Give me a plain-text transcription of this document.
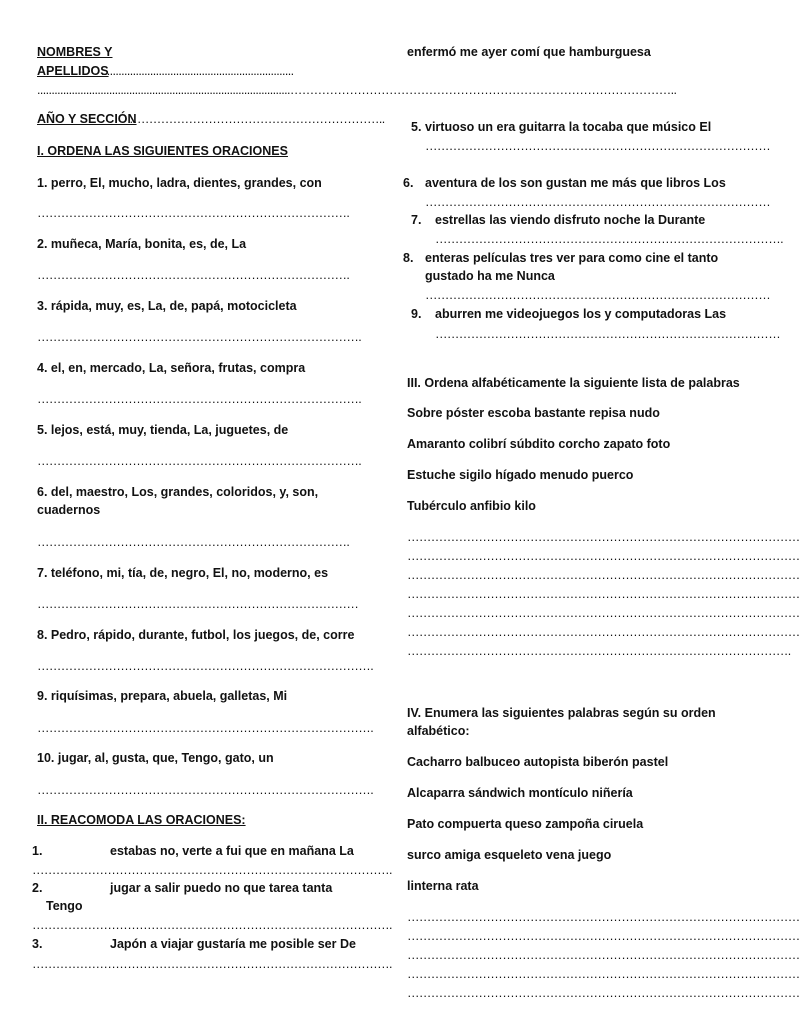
NOMBRES Y
APELLIDOS
...................................................................
........................................................................................……………………………………………………………………………………..
AÑO Y SECCIÓN
………………………………………………………..
I. ORDENA LAS SIGUIENTES ORACIONES
1. perro, El, mucho, ladra, dientes, grandes, con
…………………………………………………………………….
2. muñeca, María, bonita, es, de, La
…………………………………………………………………….
3. rápida, muy, es, La, de, papá, motocicleta
……………………………………………………………………….
4. el, en, mercado, La, señora, frutas, compra
……………………………………………………………………….
5. lejos, está, muy, tienda, La, juguetes, de
……………………………………………………………………….
6. del, maestro, Los, grandes, coloridos, y, son,
cuadernos
…………………………………………………………………….
7. teléfono, mi, tía, de, negro, El, no, moderno, es
………………………………………………………………………
8. Pedro, rápido, durante, futbol, los juegos, de, corre
………………………………………………………………………….
9. riquísimas, prepara, abuela, galletas, Mi
………………………………………………………………………….
10. jugar, al, gusta, que, Tengo, gato, un
………………………………………………………………………….
II. REACOMODA LAS ORACIONES:
1.	estabas no, verte a fui que en mañana La
……………………………………………………………………………….
2.	jugar a salir puedo no que tarea tanta
Tengo
……………………………………………………………………………….
3.	Japón a viajar gustaría me posible ser De
……………………………………………………………………………….
enfermó me ayer comí que hamburguesa
5. virtuoso un era guitarra la tocaba que músico El
……………………………………………………………………………
6. aventura de los son gustan me más que libros Los
……………………………………………………………………………
7. estrellas las viendo disfruto noche la Durante
…………………………………………………………………………….
8. enteras películas tres ver para como cine el tanto
gustado ha me Nunca
……………………………………………………………………………
9. aburren me videojuegos los y computadoras Las
……………………………………………………………………………
III. Ordena alfabéticamente la siguiente lista de palabras
Sobre póster escoba bastante repisa nudo
Amaranto colibrí súbdito corcho zapato foto
Estuche sigilo hígado menudo puerco
Tubérculo anfibio kilo
………………………………………………………………………………………
………………………………………………………………………………………
………………………………………………………………………………………
………………………………………………………………………………………
………………………………………………………………………………………
………………………………………………………………………………………
…………………………………………………………………………………….
IV. Enumera las siguientes palabras según su orden
alfabético:
Cacharro balbuceo autopista biberón pastel
Alcaparra sándwich montículo niñería
Pato compuerta queso zampoña ciruela
surco amiga esqueleto vena juego
linterna rata
………………………………………………………………………………………
………………………………………………………………………………………
………………………………………………………………………………………
………………………………………………………………………………………
………………………………………………………………………………………
